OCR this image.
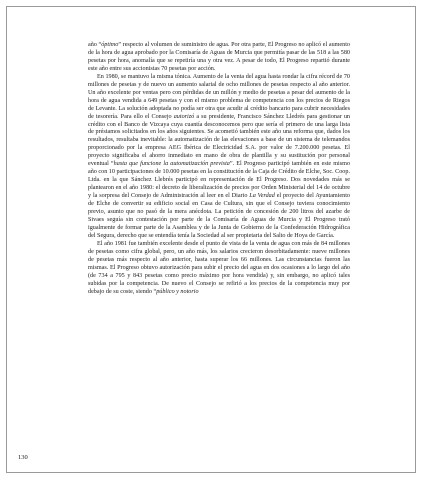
año “óptimo” respecto al volumen de suministro de agua. Por otra parte, El Progreso no aplicó el aumento de la hora de agua aprobado por la Comisaría de Aguas de Murcia que permitía pasar de las 518 a las 580 pesetas por hora, anomalía que se repetiría una y otra vez. A pesar de todo, El Progreso repartió durante este año entre sus accionistas 70 pesetas por acción.

En 1980, se mantuvo la misma tónica. Aumento de la venta del agua hasta rondar la cifra récord de 70 millones de pesetas y de nuevo un aumento salarial de ocho millones de pesetas respecto al año anterior. Un año excelente por ventas pero con pérdidas de un millón y medio de pesetas a pesar del aumento de la hora de agua vendida a 649 pesetas y con el mismo problema de competencia con los precios de Riegos de Levante. La solución adoptada no podía ser otra que acudir al crédito bancario para cubrir necesidades de tesorería. Para ello el Consejo autorizó a su presidente, Francisco Sánchez Lledrés para gestionar un crédito con el Banco de Vizcaya cuya cuantía desconocemos pero que sería el primero de una larga lista de préstamos solicitados en los años siguientes. Se acometió también este año una reforma que, dados los resultados, resultaba inevitable: la automatización de las elevaciones a base de un sistema de telemandos proporcionado por la empresa AEG Ibérica de Electricidad S.A. por valor de 7.200.000 pesetas. El proyecto significaba el ahorro inmediato en mano de obra de plantilla y su sustitución por personal eventual “hasta que funcione la automatización prevista”. El Progreso participó también en este mismo año con 10 participaciones de 10.000 pesetas en la constitución de la Caja de Crédito de Elche, Soc. Coop. Ltda. en la que Sánchez Llebrés participó en representación de El Progreso. Dos novedades más se plantearon en el año 1980: el decreto de liberalización de precios por Orden Ministerial del 14 de octubre y la sorpresa del Consejo de Administración al leer en el Diario La Verdad el proyecto del Ayuntamiento de Elche de convertir su edificio social en Casa de Cultura, sin que el Consejo tuviera conocimiento previo, asunto que no pasó de la mera anécdota. La petición de concesión de 200 litros del azarbe de Sivaes seguía sin contestación por parte de la Comisaría de Aguas de Murcia y El Progreso trató igualmente de formar parte de la Asamblea y de la Junta de Gobierno de la Confederación Hidrográfica del Segura, derecho que se entendía tenía la Sociedad al ser propietaria del Salto de Hoya de García.

El año 1981 fue también excelente desde el punto de vista de la venta de agua con más de 84 millones de pesetas como cifra global, pero, un año más, los salarios crecieron desorbitadamente: nueve millones de pesetas más respecto al año anterior, hasta superar los 66 millones. Las circunstancias fueron las mismas. El Progreso obtuvo autorización para subir el precio del agua en dos ocasiones a lo largo del año (de 734 a 795 y 843 pesetas como precio máximo por hora vendida) y, sin embargo, no aplicó tales subidas por la competencia. De nuevo el Consejo se refirió a los precios de la competencia muy por debajo de su coste, siendo “público y notorio

130
